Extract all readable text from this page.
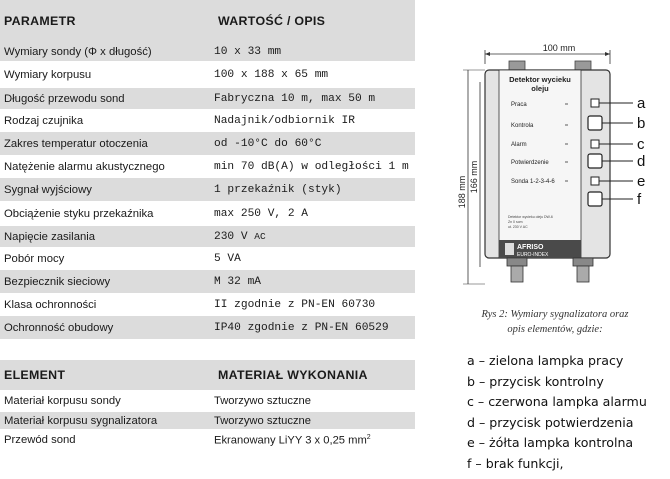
PARAMETR	WARTOŚĆ / OPIS
Wymiary sondy (Φ x długość)	10 x 33 mm
Wymiary korpusu	100 x 188 x 65 mm
Długość przewodu sond	Fabryczna 10 m, max 50 m
Rodzaj czujnika	Nadajnik/odbiornik IR
Zakres temperatur otoczenia	od -10°C do 60°C
Natężenie alarmu akustycznego	min 70 dB(A) w odległości 1 m
Sygnał wyjściowy	1 przekaźnik (styk)
Obciążenie styku przekaźnika	max 250 V, 2 A
Napięcie zasilania	230 V AC
Pobór mocy	5 VA
Bezpiecznik sieciowy	M 32 mA
Klasa ochronności	II zgodnie z PN-EN 60730
Ochronność obudowy	IP40 zgodnie z PN-EN 60529
ELEMENT	MATERIAŁ WYKONANIA
Materiał korpusu sondy	Tworzywo sztuczne
Materiał korpusu sygnalizatora	Tworzywo sztuczne
Przewód sond	Ekranowany LiYY 3 x 0,25 $mm^2$
100 mm
188 mm 166 mm
AFRISO
EURO-INDEX
Detektor wycieku
oleju
Praca
Kontrola
Alarm
Potwierdzenie
Sonda 1-2-3-4-6
Detektor wycieku oleju DW-6
Zn 0 som
ut. 230 V AC
a
b
c
d
e
f
Rys 2: Wymiary sygnalizatora oraz
opis elementów, gdzie:
a – zielona lampka pracy
b – przycisk kontrolny
c – czerwona lampka alarmu
d – przycisk potwierdzenia
e – żółta lampka kontrolna
f – brak funkcji,
